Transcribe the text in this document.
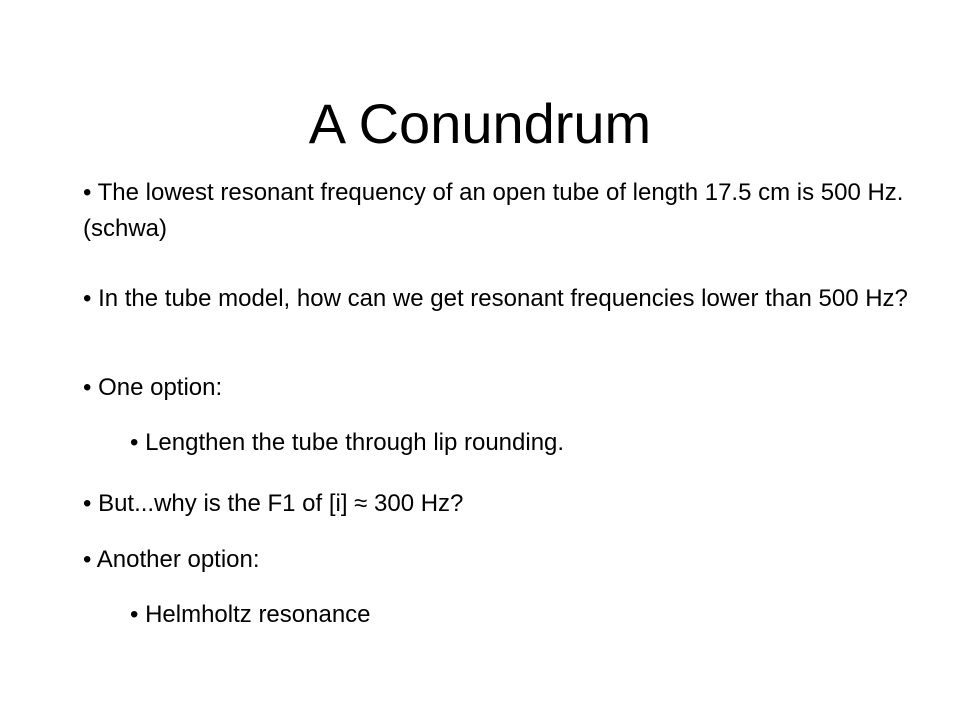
A Conundrum

• The lowest resonant frequency of an open tube of length 17.5 cm is 500 Hz. (schwa)

• In the tube model, how can we get resonant frequencies lower than 500 Hz?

• One option:

• Lengthen the tube through lip rounding.

• But...why is the F1 of [i] ≈ 300 Hz?

• Another option:

• Helmholtz resonance
